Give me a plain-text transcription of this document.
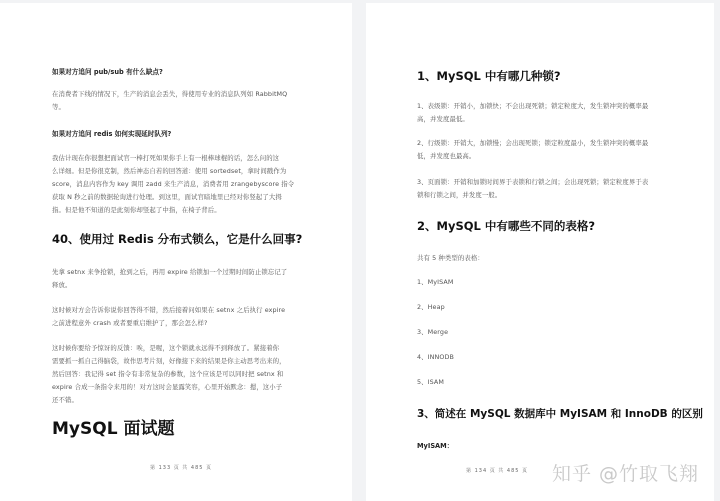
如果对方追问 pub/sub 有什么缺点?
在消费者下线的情况下，生产的消息会丢失，得使用专业的消息队列如 RabbitMQ
等。
如果对方追问 redis 如何实现延时队列?
我估计现在你很想把面试官一棒打死如果你手上有一根棒球棍的话，怎么问的这
么详细。但是你很克制，然后神态自若的回答道：使用 sortedset，拿时间戳作为
score，消息内容作为 key 调用 zadd 来生产消息，消费者用 zrangebyscore 指令
获取 N 秒之前的数据轮询进行处理。到这里，面试官暗地里已经对你竖起了大拇
指。但是他不知道的是此刻你却竖起了中指，在椅子背后。
40、使用过 Redis 分布式锁么，它是什么回事?
先拿 setnx 来争抢锁，抢到之后，再用 expire 给锁加一个过期时间防止锁忘记了
释放。
这时候对方会告诉你说你回答得不错，然后接着问如果在 setnx 之后执行 expire
之前进程意外 crash 或者要重启维护了，那会怎么样?
这时候你要给予惊讶的反馈：唉，是喔，这个锁就永远得不到释放了。紧接着你
需要抓一抓自己得脑袋，故作思考片刻，好像接下来的结果是你主动思考出来的，
然后回答：我记得 set 指令有非常复杂的参数，这个应该是可以同时把 setnx 和
expire 合成一条指令来用的！对方这时会显露笑容，心里开始默念：摁，这小子
还不错。
MySQL 面试题
第 133 页 共 485 页
1、MySQL 中有哪几种锁?
1、表级锁：开销小，加锁快；不会出现死锁；锁定粒度大，发生锁冲突的概率最
高，并发度最低。
2、行级锁：开销大，加锁慢；会出现死锁；锁定粒度最小，发生锁冲突的概率最
低，并发度也最高。
3、页面锁：开销和加锁时间界于表锁和行锁之间；会出现死锁；锁定粒度界于表
锁和行锁之间，并发度一般。
2、MySQL 中有哪些不同的表格?
共有 5 种类型的表格：
1、MyISAM
2、Heap
3、Merge
4、INNODB
5、ISAM
3、简述在 MySQL 数据库中 MyISAM 和 InnoDB 的区别
MyISAM：
第 134 页 共 485 页 知乎 @竹取飞翔
